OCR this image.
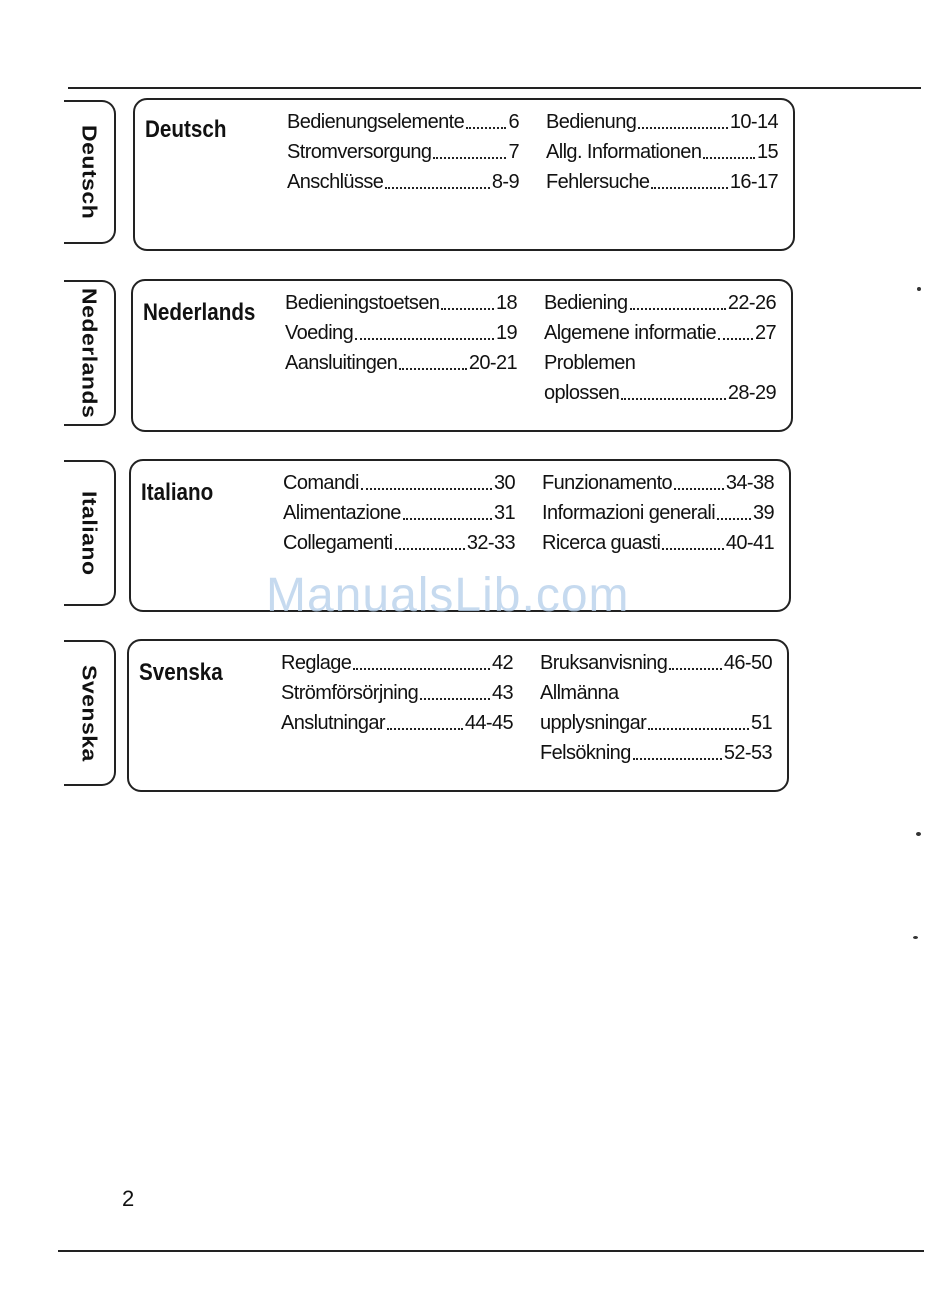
Deutsch Deutsch	Bedienungselemente 6
Stromversorgung	7
Anschlüsse	8-9
Bedienung	10-14
Allg. Informationen	15
Fehlersuche	16-17
Nederlands Nederlands Bedieningstoetsen	18
Voeding	19
Aansluitingen	20-21
Bediening	22-26
Algemene informatie 27
Problemen
oplossen	28-29
Italiano Italiano	Comandi	30
Alimentazione	31
Collegamenti	32-33
Funzionamento	34-38
Informazioni generali 39
Ricerca guasti	40-41
Svenska Svenska	Reglage	42
Strömförsörjning	43
Anslutningar	44-45
Bruksanvisning	46-50
Allmänna
upplysningar	51
Felsökning	52-53
ManualsLib.com
2
